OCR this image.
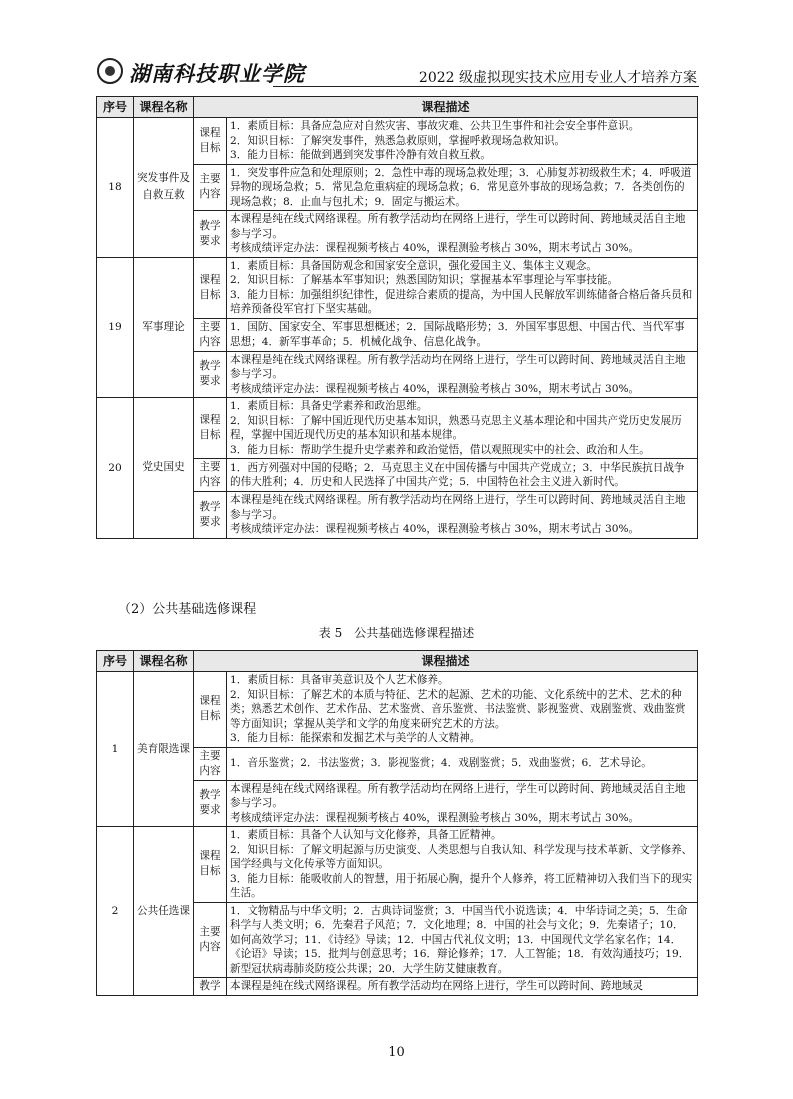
湖南科技职业学院	2022 级虚拟现实技术应用专业人才培养方案
序号	课程名称	课程描述	
18	突发事件及自救互救	课程目标	1．素质目标：具备应急应对自然灾害、事故灾难、公共卫生事件和社会安全事件意识。
2．知识目标：了解突发事件，熟悉急救原则，掌握呼救现场急救知识。
3．能力目标：能做到遇到突发事件冷静有效自救互救。

		主要内容	1．突发事件应急和处理原则；2．急性中毒的现场急救处理；3．心肺复苏初级救生术；4．呼吸道异物的现场急救；5．常见急危重病症的现场急救；6．常见意外事故的现场急救；7．各类创伤的现场急救；8．止血与包扎术；9．固定与搬运术。

		教学要求	本课程是纯在线式网络课程。所有教学活动均在网络上进行，学生可以跨时间、跨地域灵活自主地参与学习。
考核成绩评定办法：课程视频考核占 40%，课程测验考核占 30%，期末考试占 30%。

19	军事理论	课程目标	1．素质目标：具备国防观念和国家安全意识，强化爱国主义、集体主义观念。
2．知识目标：了解基本军事知识；熟悉国防知识；掌握基本军事理论与军事技能。
3．能力目标：加强组织纪律性，促进综合素质的提高，为中国人民解放军训练储备合格后备兵员和培养预备役军官打下坚实基础。

		主要内容	1．国防、国家安全、军事思想概述；2．国际战略形势；3．外国军事思想、中国古代、当代军事思想；4．新军事革命；5．机械化战争、信息化战争。

		教学要求	本课程是纯在线式网络课程。所有教学活动均在网络上进行，学生可以跨时间、跨地域灵活自主地参与学习。
考核成绩评定办法：课程视频考核占 40%，课程测验考核占 30%，期末考试占 30%。

20	党史国史	课程目标	1．素质目标：具备史学素养和政治思维。
2．知识目标：了解中国近现代历史基本知识，熟悉马克思主义基本理论和中国共产党历史发展历程，掌握中国近现代历史的基本知识和基本规律。
3．能力目标：帮助学生提升史学素养和政治觉悟，借以观照现实中的社会、政治和人生。

		主要内容	1．西方列强对中国的侵略；2．马克思主义在中国传播与中国共产党成立；3．中华民族抗日战争的伟大胜利；4．历史和人民选择了中国共产党；5．中国特色社会主义进入新时代。

		教学要求	本课程是纯在线式网络课程。所有教学活动均在网络上进行，学生可以跨时间、跨地域灵活自主地参与学习。
考核成绩评定办法：课程视频考核占 40%，课程测验考核占 30%，期末考试占 30%。
（2）公共基础选修课程
表 5　公共基础选修课程描述
序号	课程名称	课程描述	
1	美育限选课	课程目标	1．素质目标：具备审美意识及个人艺术修养。
2．知识目标：了解艺术的本质与特征、艺术的起源、艺术的功能、文化系统中的艺术、艺术的种类；熟悉艺术创作、艺术作品、艺术鉴赏、音乐鉴赏、书法鉴赏、影视鉴赏、戏剧鉴赏、戏曲鉴赏等方面知识；掌握从美学和文学的角度来研究艺术的方法。
3．能力目标：能探索和发掘艺术与美学的人文精神。

		主要内容	1．音乐鉴赏；2．书法鉴赏；3．影视鉴赏；4．戏剧鉴赏；5．戏曲鉴赏；6．艺术导论。

		教学要求	本课程是纯在线式网络课程。所有教学活动均在网络上进行，学生可以跨时间、跨地域灵活自主地参与学习。
考核成绩评定办法：课程视频考核占 40%，课程测验考核占 30%，期末考试占 30%。

2	公共任选课	课程目标	1．素质目标：具备个人认知与文化修养，具备工匠精神。
2．知识目标：了解文明起源与历史演变、人类思想与自我认知、科学发现与技术革新、文学修养、国学经典与文化传承等方面知识。
3．能力目标：能吸收前人的智慧，用于拓展心胸，提升个人修养，将工匠精神切入我们当下的现实生活。

		主要内容	1．文物精品与中华文明；2．古典诗词鉴赏；3．中国当代小说选读；4．中华诗词之美；5．生命科学与人类文明；6．先秦君子风范；7．文化地理；8．中国的社会与文化；9．先秦诸子；10．如何高效学习；11．《诗经》导读；12．中国古代礼仪文明；13．中国现代文学名家名作；14．《论语》导读；15．批判与创意思考；16．辩论修养；17．人工智能；18．有效沟通技巧；19．新型冠状病毒肺炎防疫公共课；20．大学生防艾健康教育。

		教学	本课程是纯在线式网络课程。所有教学活动均在网络上进行，学生可以跨时间、跨地域灵
10
